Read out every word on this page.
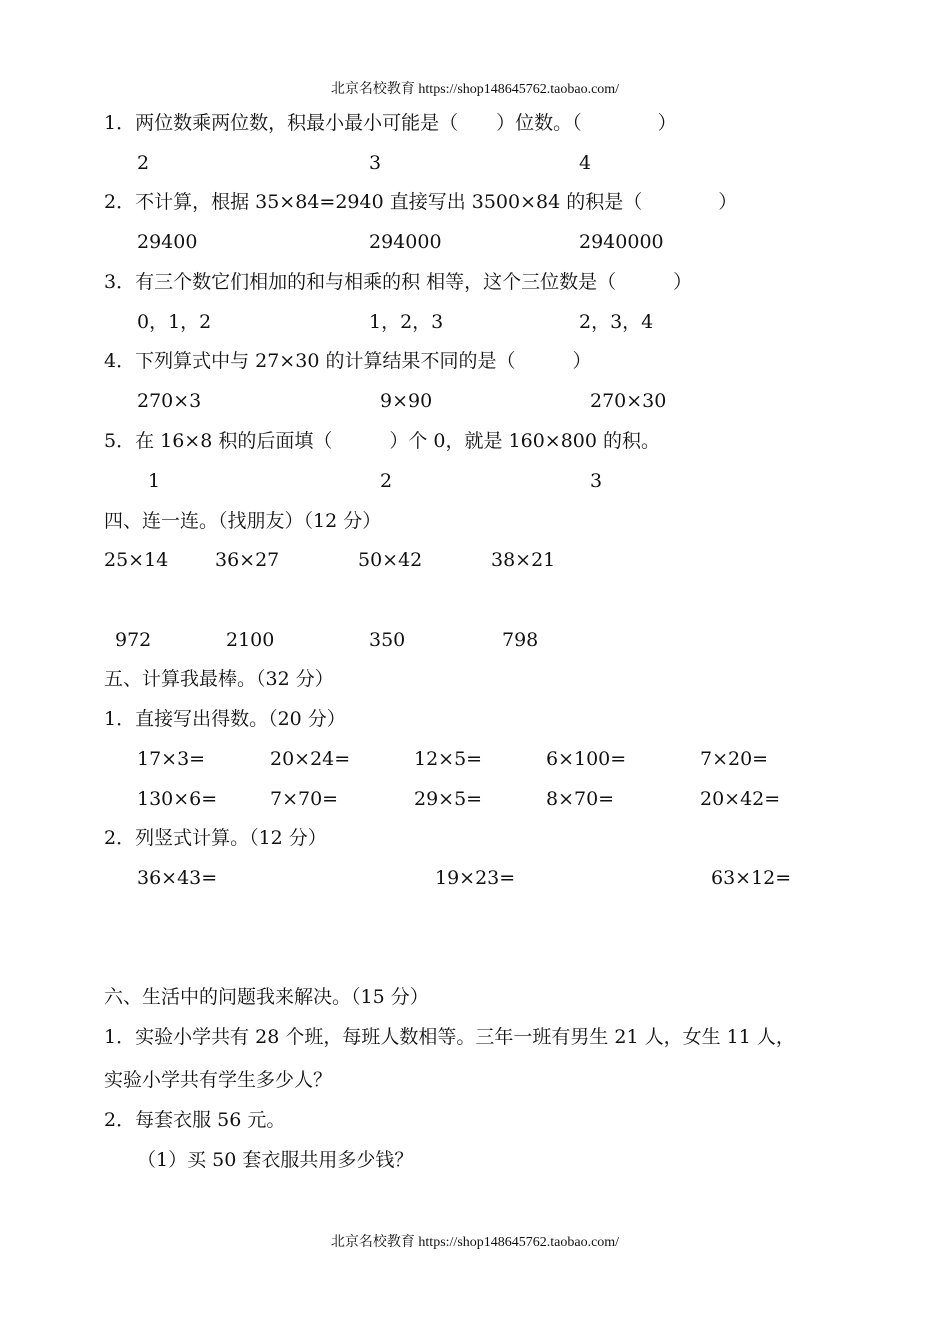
北京名校教育 https://shop148645762.taobao.com/
1．两位数乘两位数，积最小最小可能是（　　）位数。（　　　　）
2	3	4
2．不计算，根据 35×84=2940 直接写出 3500×84 的积是（　　　　）
29400	294000	2940000
3．有三个数它们相加的和与相乘的积 相等，这个三位数是（　　　）
0，1，2	1，2，3	2，3，4
4．下列算式中与 27×30 的计算结果不同的是（　　　）
270×3	9×90	270×30
5．在 16×8 积的后面填（　　　）个 0，就是 160×800 的积。
1	2	3
四、连一连。（找朋友）（12 分）
25×14 36×27	50×42	38×21
972	2100	350	798
五、计算我最棒。（32 分）
1．直接写出得数。（20 分）
17×3=	20×24=	12×5=	6×100=	7×20=
130×6=	7×70=	29×5=	8×70=	20×42=
2．列竖式计算。（12 分）
36×43=	19×23=	63×12=
六、生活中的问题我来解决。（15 分）
1．实验小学共有 28 个班，每班人数相等。三年一班有男生 21 人，女生 11 人，
实验小学共有学生多少人？
2．每套衣服 56 元。
（1）买 50 套衣服共用多少钱？
北京名校教育 https://shop148645762.taobao.com/
